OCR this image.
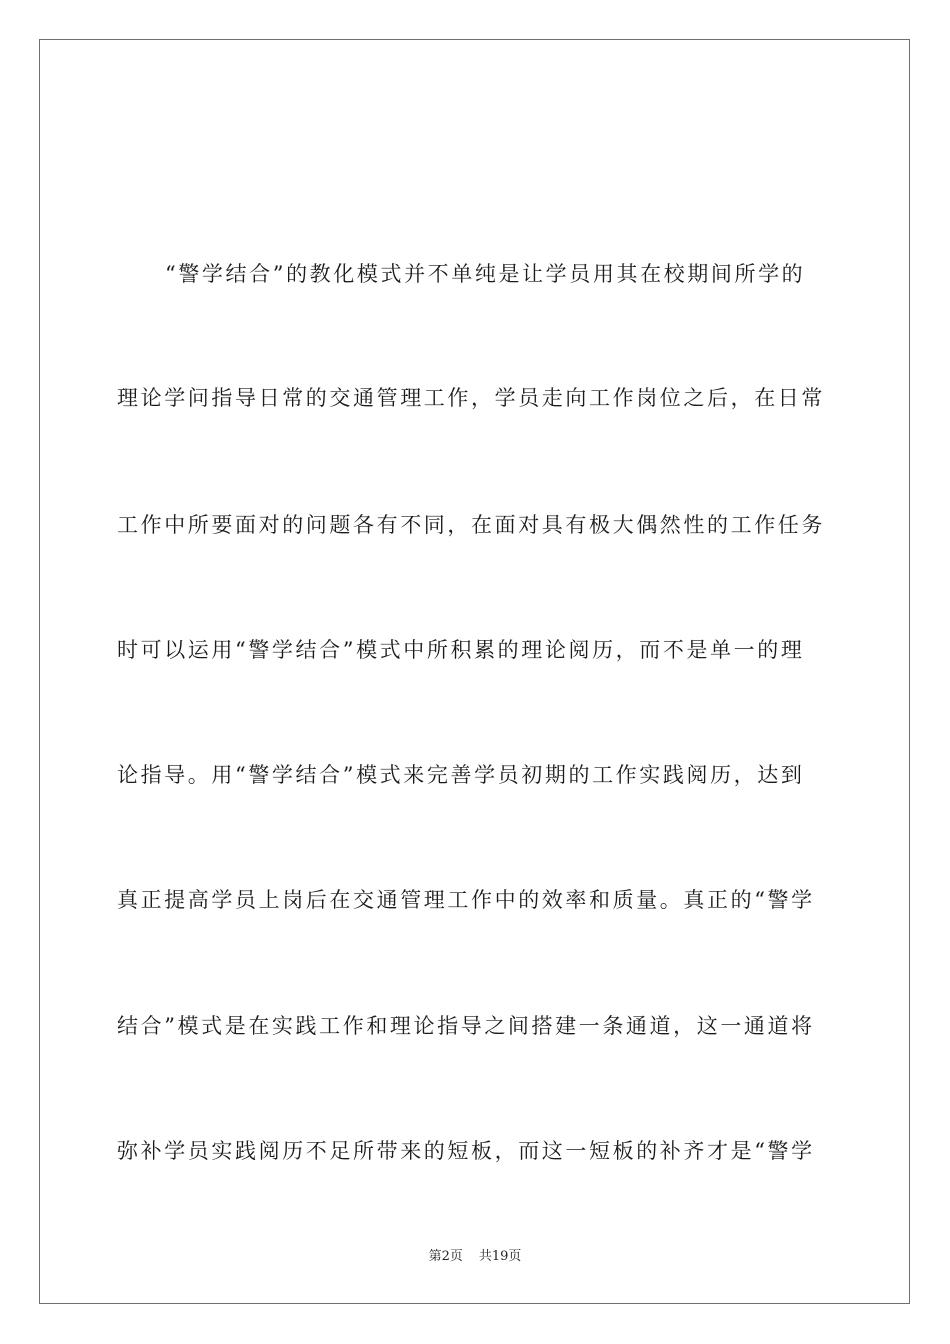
“警学结合”的教化模式并不单纯是让学员用其在校期间所学的
理论学问指导日常的交通管理工作，学员走向工作岗位之后，在日常
工作中所要面对的问题各有不同，在面对具有极大偶然性的工作任务
时可以运用“警学结合”模式中所积累的理论阅历，而不是单一的理
论指导。用“警学结合”模式来完善学员初期的工作实践阅历，达到
真正提高学员上岗后在交通管理工作中的效率和质量。真正的“警学
结合”模式是在实践工作和理论指导之间搭建一条通道，这一通道将
弥补学员实践阅历不足所带来的短板，而这一短板的补齐才是“警学
第2页 共19页
